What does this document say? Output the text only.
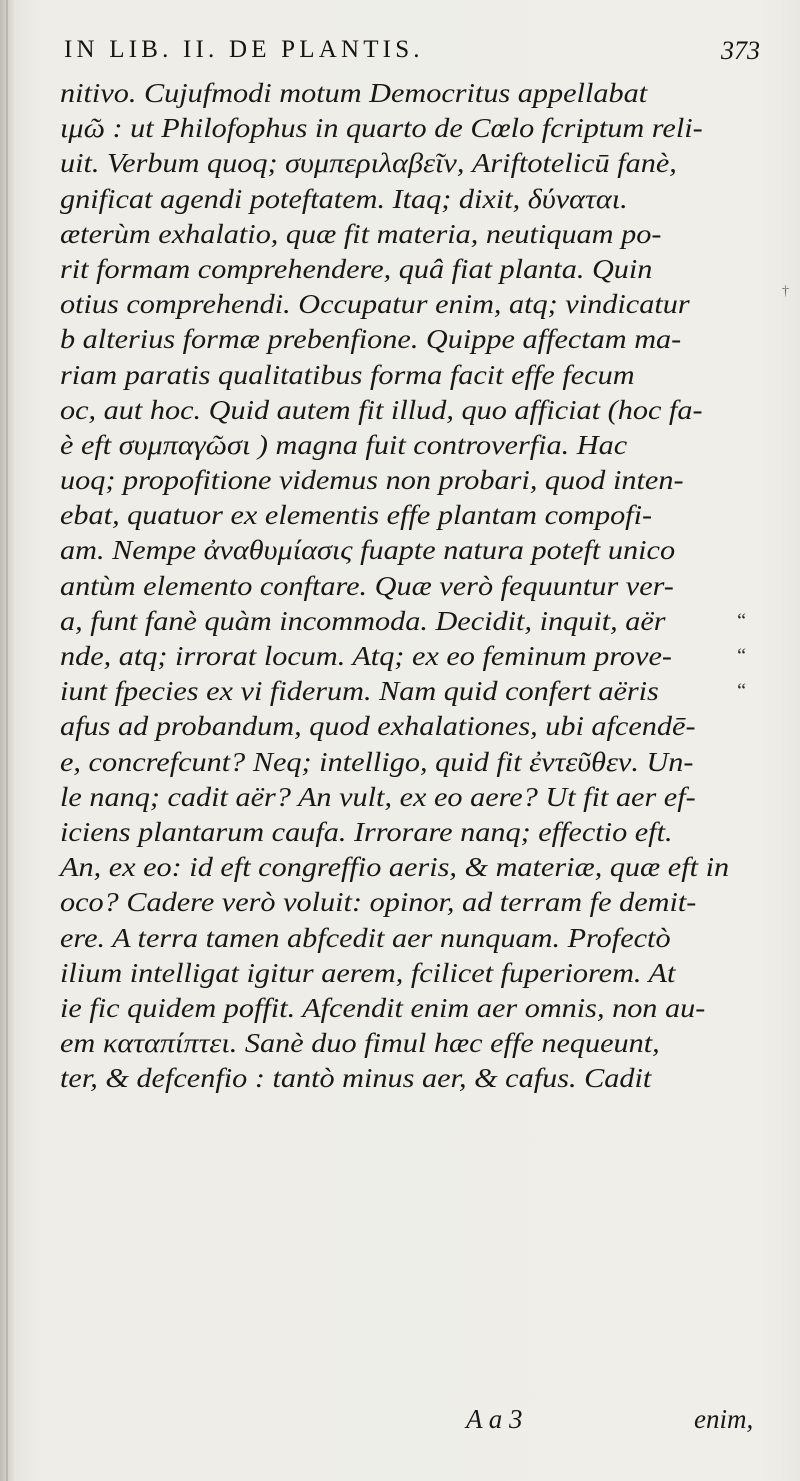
IN LIB. II. DE PLANTIS.	373
nitivo. Cujufmodi motum Democritus appellabat
ιμῶ : ut Philofophus in quarto de Cœlo fcriptum reli-
uit. Verbum quoq; συμπεριλαβεῖν, Ariftotelicū fanè,
gnificat agendi poteftatem. Itaq; dixit, δύναται.
æterùm exhalatio, quæ fit materia, neutiquam po-
rit formam comprehendere, quâ fiat planta. Quin
otius comprehendi. Occupatur enim, atq; vindicatur
b alterius formæ prebenfione. Quippe affectam ma-
riam paratis qualitatibus forma facit effe fecum
oc, aut hoc. Quid autem fit illud, quo afficiat (hoc fa-
è eft συμπαγῶσι ) magna fuit controverfia. Hac
uoq; propofitione videmus non probari, quod inten-
ebat, quatuor ex elementis effe plantam compofi-
am. Nempe ἀναθυμίασις fuapte natura poteft unico
antùm elemento conftare. Quæ verò fequuntur ver-
a, funt fanè quàm incommoda. Decidit, inquit, aër	“
nde, atq; irrorat locum. Atq; ex eo feminum prove-	“
iunt fpecies ex vi fiderum. Nam quid confert aëris	“
afus ad probandum, quod exhalationes, ubi afcendē-
e, concrefcunt? Neq; intelligo, quid fit ἐντεῦθεν. Un-
le nanq; cadit aër? An vult, ex eo aere? Ut fit aer ef-
iciens plantarum caufa. Irrorare nanq; effectio eft.
An, ex eo: id eft congreffio aeris, & materiæ, quæ eft in
oco? Cadere verò voluit: opinor, ad terram fe demit-
ere. A terra tamen abfcedit aer nunquam. Profectò
ilium intelligat igitur aerem, fcilicet fuperiorem. At
ie fic quidem poffit. Afcendit enim aer omnis, non au-
em καταπίπτει. Sanè duo fimul hæc effe nequeunt,
ter, & defcenfio : tantò minus aer, & cafus. Cadit
†
A a 3	enim,
